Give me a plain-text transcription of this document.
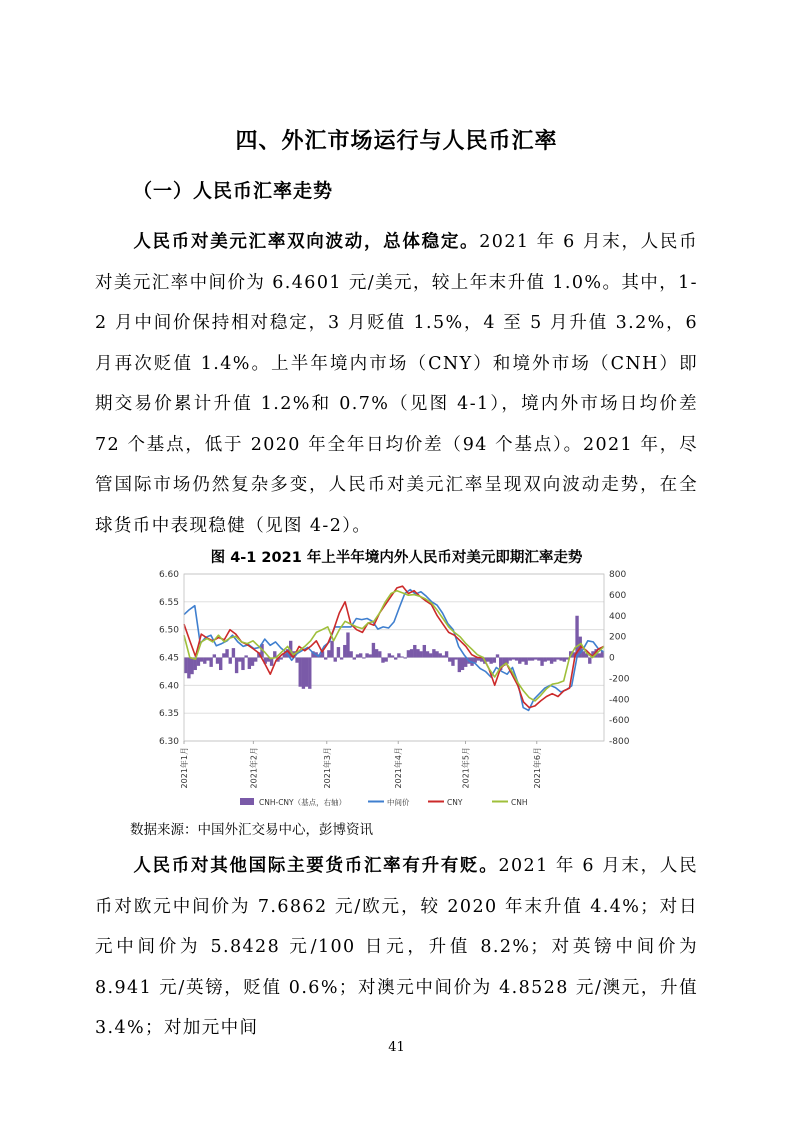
四、外汇市场运行与人民币汇率
（一）人民币汇率走势

人民币对美元汇率双向波动，总体稳定。2021 年 6 月末，人民币对美元汇率中间价为 6.4601 元/美元，较上年末升值 1.0%。其中，1-2 月中间价保持相对稳定，3 月贬值 1.5%，4 至 5 月升值 3.2%，6 月再次贬值 1.4%。上半年境内市场（CNY）和境外市场（CNH）即期交易价累计升值 1.2%和 0.7%（见图 4-1），境内外市场日均价差 72 个基点，低于 2020 年全年日均价差（94 个基点）。2021 年，尽管国际市场仍然复杂多变，人民币对美元汇率呈现双向波动走势，在全球货币中表现稳健（见图 4-2）。

图 4-1 2021 年上半年境内外人民币对美元即期汇率走势
6.60
6.55
6.50
6.45
6.40
6.35
6.30
800
600
400
200
0
-200
-400
-600
-800
2021年1月	2021年2月	2021年3月	2021年4月	2021年5月	2021年6月
CNH-CNY（基点，右轴）	中间价	CNY	CNH
数据来源：中国外汇交易中心，彭博资讯

人民币对其他国际主要货币汇率有升有贬。2021 年 6 月末，人民币对欧元中间价为 7.6862 元/欧元，较 2020 年末升值 4.4%；对日元中间价为 5.8428 元/100 日元，升值 8.2%；对英镑中间价为 8.941 元/英镑，贬值 0.6%；对澳元中间价为 4.8528 元/澳元，升值 3.4%；对加元中间

41
